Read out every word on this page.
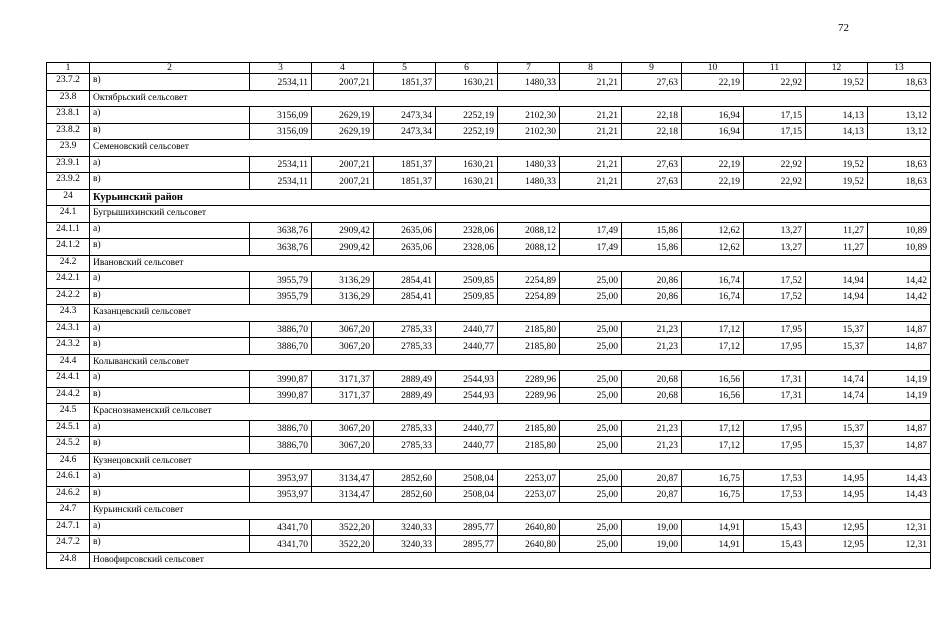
72
1	2	3	4	5	6	7	8	9	10	11	12	13
23.7.2	в)	2534,11	2007,21	1851,37	1630,21	1480,33	21,21	27,63	22,19	22,92	19,52	18,63
23.8	Октябрьский сельсовет											
23.8.1	а)	3156,09	2629,19	2473,34	2252,19	2102,30	21,21	22,18	16,94	17,15	14,13	13,12
23.8.2	в)	3156,09	2629,19	2473,34	2252,19	2102,30	21,21	22,18	16,94	17,15	14,13	13,12
23.9	Семеновский сельсовет											
23.9.1	а)	2534,11	2007,21	1851,37	1630,21	1480,33	21,21	27,63	22,19	22,92	19,52	18,63
23.9.2	в)	2534,11	2007,21	1851,37	1630,21	1480,33	21,21	27,63	22,19	22,92	19,52	18,63
24	Курьинский район											
24.1	Бугрышихинский сельсовет											
24.1.1	а)	3638,76	2909,42	2635,06	2328,06	2088,12	17,49	15,86	12,62	13,27	11,27	10,89
24.1.2	в)	3638,76	2909,42	2635,06	2328,06	2088,12	17,49	15,86	12,62	13,27	11,27	10,89
24.2	Ивановский сельсовет											
24.2.1	а)	3955,79	3136,29	2854,41	2509,85	2254,89	25,00	20,86	16,74	17,52	14,94	14,42
24.2.2	в)	3955,79	3136,29	2854,41	2509,85	2254,89	25,00	20,86	16,74	17,52	14,94	14,42
24.3	Казанцевский сельсовет											
24.3.1	а)	3886,70	3067,20	2785,33	2440,77	2185,80	25,00	21,23	17,12	17,95	15,37	14,87
24.3.2	в)	3886,70	3067,20	2785,33	2440,77	2185,80	25,00	21,23	17,12	17,95	15,37	14,87
24.4	Колыванский сельсовет											
24.4.1	а)	3990,87	3171,37	2889,49	2544,93	2289,96	25,00	20,68	16,56	17,31	14,74	14,19
24.4.2	в)	3990,87	3171,37	2889,49	2544,93	2289,96	25,00	20,68	16,56	17,31	14,74	14,19
24.5	Краснознаменский сельсовет											
24.5.1	а)	3886,70	3067,20	2785,33	2440,77	2185,80	25,00	21,23	17,12	17,95	15,37	14,87
24.5.2	в)	3886,70	3067,20	2785,33	2440,77	2185,80	25,00	21,23	17,12	17,95	15,37	14,87
24.6	Кузнецовский сельсовет											
24.6.1	а)	3953,97	3134,47	2852,60	2508,04	2253,07	25,00	20,87	16,75	17,53	14,95	14,43
24.6.2	в)	3953,97	3134,47	2852,60	2508,04	2253,07	25,00	20,87	16,75	17,53	14,95	14,43
24.7	Курьинский сельсовет											
24.7.1	а)	4341,70	3522,20	3240,33	2895,77	2640,80	25,00	19,00	14,91	15,43	12,95	12,31
24.7.2	в)	4341,70	3522,20	3240,33	2895,77	2640,80	25,00	19,00	14,91	15,43	12,95	12,31
24.8	Новофирсовский сельсовет											
